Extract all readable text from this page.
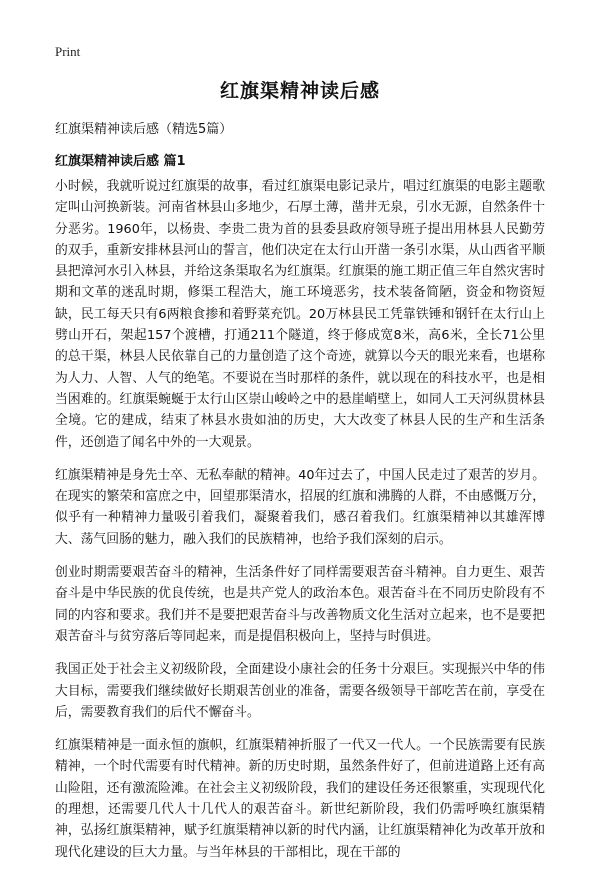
Print
红旗渠精神读后感

红旗渠精神读后感（精选5篇）

红旗渠精神读后感 篇1

小时候，我就听说过红旗渠的故事，看过红旗渠电影记录片，唱过红旗渠的电影主题歌定叫山河换新装。河南省林县山多地少，石厚土薄，凿井无泉，引水无源，自然条件十分恶劣。1960年，以杨贵、李贵二贵为首的县委县政府领导班子提出用林县人民勤劳的双手，重新安排林县河山的誓言，他们决定在太行山开凿一条引水渠，从山西省平顺县把漳河水引入林县，并给这条渠取名为红旗渠。红旗渠的施工期正值三年自然灾害时期和文革的迷乱时期，修渠工程浩大，施工环境恶劣，技术装备简陋，资金和物资短缺，民工每天只有6两粮食掺和着野菜充饥。20万林县民工凭靠铁锤和钢钎在太行山上劈山开石，架起157个渡槽，打通211个隧道，终于修成宽8米，高6米，全长71公里的总干渠，林县人民依靠自己的力量创造了这个奇迹，就算以今天的眼光来看，也堪称为人力、人智、人气的绝笔。不要说在当时那样的条件，就以现在的科技水平，也是相当困难的。红旗渠蜿蜒于太行山区崇山峻岭之中的悬崖峭壁上，如同人工天河纵贯林县全境。它的建成，结束了林县水贵如油的历史，大大改变了林县人民的生产和生活条件，还创造了闻名中外的一大观景。

红旗渠精神是身先士卒、无私奉献的精神。40年过去了，中国人民走过了艰苦的岁月。在现实的繁荣和富庶之中，回望那渠清水，招展的红旗和沸腾的人群，不由感慨万分，似乎有一种精神力量吸引着我们，凝聚着我们，感召着我们。红旗渠精神以其雄浑博大、荡气回肠的魅力，融入我们的民族精神，也给予我们深刻的启示。

创业时期需要艰苦奋斗的精神，生活条件好了同样需要艰苦奋斗精神。自力更生、艰苦奋斗是中华民族的优良传统，也是共产党人的政治本色。艰苦奋斗在不同历史阶段有不同的内容和要求。我们并不是要把艰苦奋斗与改善物质文化生活对立起来，也不是要把艰苦奋斗与贫穷落后等同起来，而是提倡积极向上，坚持与时俱进。

我国正处于社会主义初级阶段，全面建设小康社会的任务十分艰巨。实现振兴中华的伟大目标，需要我们继续做好长期艰苦创业的准备，需要各级领导干部吃苦在前，享受在后，需要教育我们的后代不懈奋斗。

红旗渠精神是一面永恒的旗帜，红旗渠精神折服了一代又一代人。一个民族需要有民族精神，一个时代需要有时代精神。新的历史时期，虽然条件好了，但前进道路上还有高山险阻，还有激流险滩。在社会主义初级阶段，我们的建设任务还很繁重，实现现代化的理想，还需要几代人十几代人的艰苦奋斗。新世纪新阶段，我们仍需呼唤红旗渠精神，弘扬红旗渠精神，赋予红旗渠精神以新的时代内涵，让红旗渠精神化为改革开放和现代化建设的巨大力量。与当年林县的干部相比，现在干部的
